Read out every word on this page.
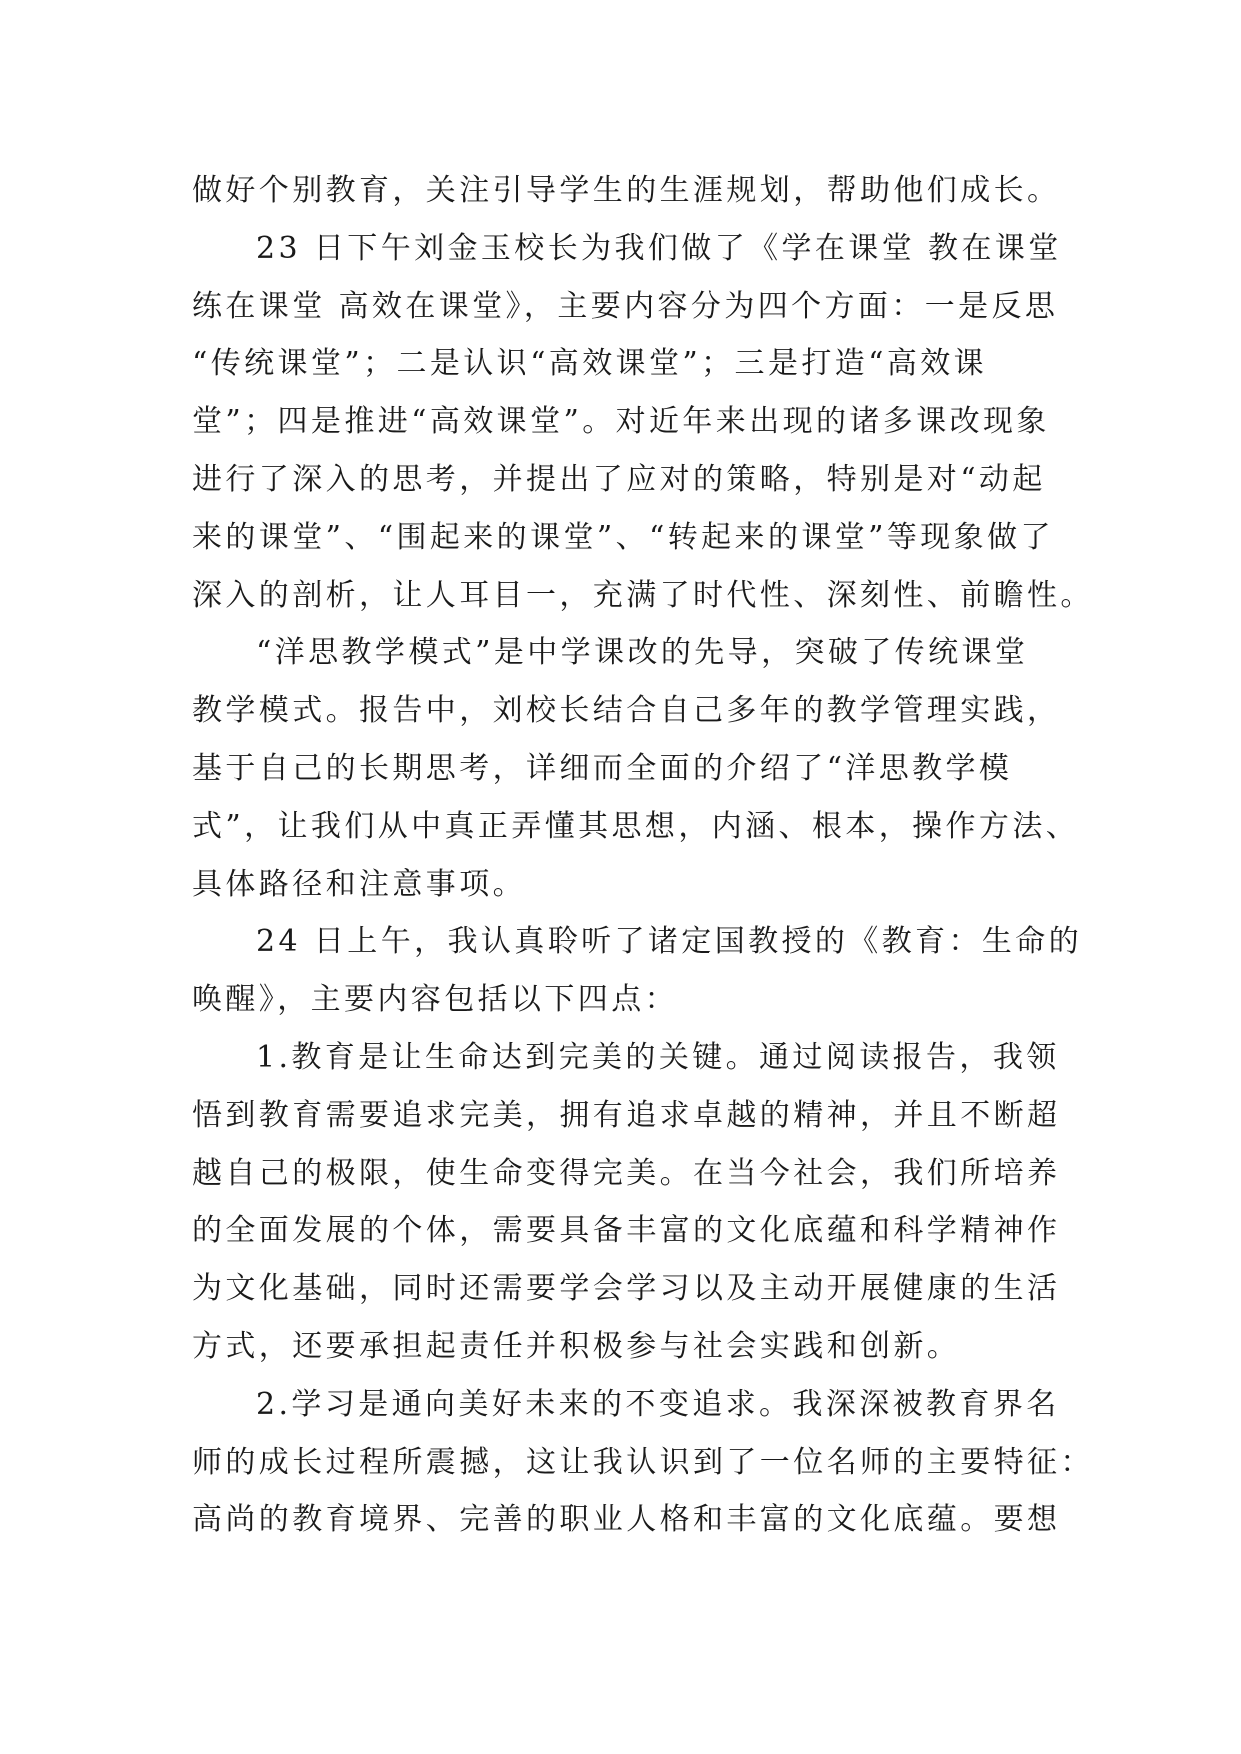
做好个别教育，关注引导学生的生涯规划，帮助他们成长。
23 日下午刘金玉校长为我们做了《学在课堂 教在课堂
练在课堂 高效在课堂》，主要内容分为四个方面：一是反思
“传统课堂”；二是认识“高效课堂”；三是打造“高效课
堂”；四是推进“高效课堂”。对近年来出现的诸多课改现象
进行了深入的思考，并提出了应对的策略，特别是对“动起
来的课堂”、“围起来的课堂”、“转起来的课堂”等现象做了
深入的剖析，让人耳目一，充满了时代性、深刻性、前瞻性。
“洋思教学模式”是中学课改的先导，突破了传统课堂
教学模式。报告中，刘校长结合自己多年的教学管理实践，
基于自己的长期思考，详细而全面的介绍了“洋思教学模
式”，让我们从中真正弄懂其思想，内涵、根本，操作方法、
具体路径和注意事项。
24 日上午，我认真聆听了诸定国教授的《教育：生命的
唤醒》，主要内容包括以下四点：
1.教育是让生命达到完美的关键。通过阅读报告，我领
悟到教育需要追求完美，拥有追求卓越的精神，并且不断超
越自己的极限，使生命变得完美。在当今社会，我们所培养
的全面发展的个体，需要具备丰富的文化底蕴和科学精神作
为文化基础，同时还需要学会学习以及主动开展健康的生活
方式，还要承担起责任并积极参与社会实践和创新。
2.学习是通向美好未来的不变追求。我深深被教育界名
师的成长过程所震撼，这让我认识到了一位名师的主要特征：
高尚的教育境界、完善的职业人格和丰富的文化底蕴。要想
